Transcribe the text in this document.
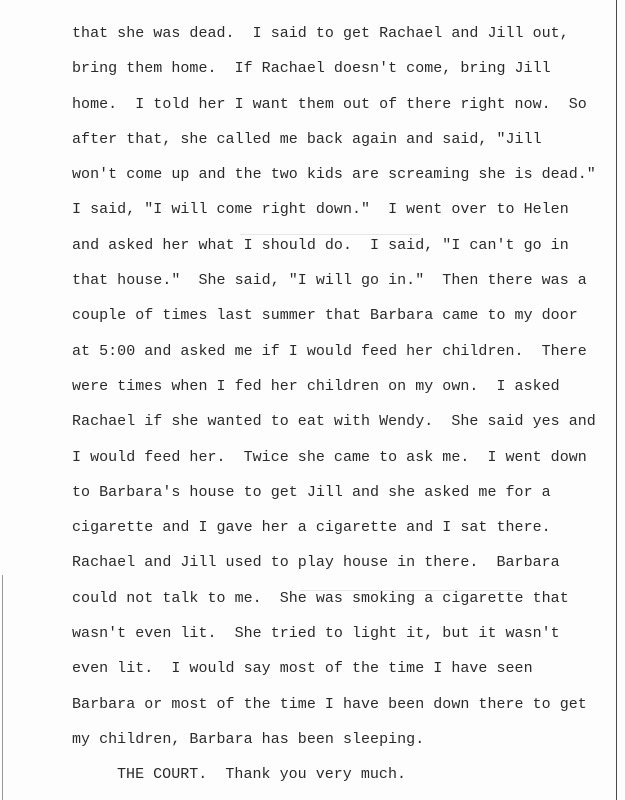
that she was dead.  I said to get Rachael and Jill out,
bring them home.  If Rachael doesn't come, bring Jill
home.  I told her I want them out of there right now.  So
after that, she called me back again and said, "Jill
won't come up and the two kids are screaming she is dead."
I said, "I will come right down."  I went over to Helen
and asked her what I should do.  I said, "I can't go in
that house."  She said, "I will go in."  Then there was a
couple of times last summer that Barbara came to my door
at 5:00 and asked me if I would feed her children.  There
were times when I fed her children on my own.  I asked
Rachael if she wanted to eat with Wendy.  She said yes and
I would feed her.  Twice she came to ask me.  I went down
to Barbara's house to get Jill and she asked me for a
cigarette and I gave her a cigarette and I sat there.
Rachael and Jill used to play house in there.  Barbara
could not talk to me.  She was smoking a cigarette that
wasn't even lit.  She tried to light it, but it wasn't
even lit.  I would say most of the time I have seen
Barbara or most of the time I have been down there to get
my children, Barbara has been sleeping.
THE COURT.  Thank you very much.
